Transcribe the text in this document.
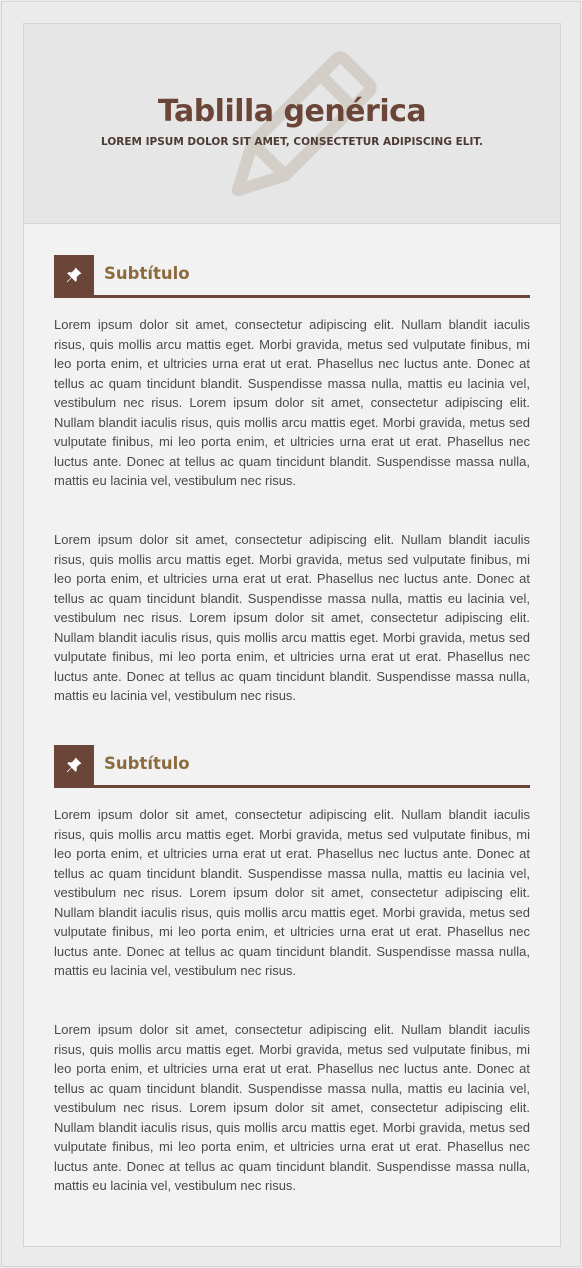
Tablilla genérica
LOREM IPSUM DOLOR SIT AMET, CONSECTETUR ADIPISCING ELIT.
Subtítulo

Lorem ipsum dolor sit amet, consectetur adipiscing elit. Nullam blandit iaculis risus, quis mollis arcu mattis eget. Morbi gravida, metus sed vulputate finibus, mi leo porta enim, et ultricies urna erat ut erat. Phasellus nec luctus ante. Donec at tellus ac quam tincidunt blandit. Suspendisse massa nulla, mattis eu lacinia vel, vestibulum nec risus. Lorem ipsum dolor sit amet, consectetur adipiscing elit. Nullam blandit iaculis risus, quis mollis arcu mattis eget. Morbi gravida, metus sed vulputate finibus, mi leo porta enim, et ultricies urna erat ut erat. Phasellus nec luctus ante. Donec at tellus ac quam tincidunt blandit. Suspendisse massa nulla, mattis eu lacinia vel, vestibulum nec risus.

Lorem ipsum dolor sit amet, consectetur adipiscing elit. Nullam blandit iaculis risus, quis mollis arcu mattis eget. Morbi gravida, metus sed vulputate finibus, mi leo porta enim, et ultricies urna erat ut erat. Phasellus nec luctus ante. Donec at tellus ac quam tincidunt blandit. Suspendisse massa nulla, mattis eu lacinia vel, vestibulum nec risus. Lorem ipsum dolor sit amet, consectetur adipiscing elit. Nullam blandit iaculis risus, quis mollis arcu mattis eget. Morbi gravida, metus sed vulputate finibus, mi leo porta enim, et ultricies urna erat ut erat. Phasellus nec luctus ante. Donec at tellus ac quam tincidunt blandit. Suspendisse massa nulla, mattis eu lacinia vel, vestibulum nec risus.

Subtítulo

Lorem ipsum dolor sit amet, consectetur adipiscing elit. Nullam blandit iaculis risus, quis mollis arcu mattis eget. Morbi gravida, metus sed vulputate finibus, mi leo porta enim, et ultricies urna erat ut erat. Phasellus nec luctus ante. Donec at tellus ac quam tincidunt blandit. Suspendisse massa nulla, mattis eu lacinia vel, vestibulum nec risus. Lorem ipsum dolor sit amet, consectetur adipiscing elit. Nullam blandit iaculis risus, quis mollis arcu mattis eget. Morbi gravida, metus sed vulputate finibus, mi leo porta enim, et ultricies urna erat ut erat. Phasellus nec luctus ante. Donec at tellus ac quam tincidunt blandit. Suspendisse massa nulla, mattis eu lacinia vel, vestibulum nec risus.

Lorem ipsum dolor sit amet, consectetur adipiscing elit. Nullam blandit iaculis risus, quis mollis arcu mattis eget. Morbi gravida, metus sed vulputate finibus, mi leo porta enim, et ultricies urna erat ut erat. Phasellus nec luctus ante. Donec at tellus ac quam tincidunt blandit. Suspendisse massa nulla, mattis eu lacinia vel, vestibulum nec risus. Lorem ipsum dolor sit amet, consectetur adipiscing elit. Nullam blandit iaculis risus, quis mollis arcu mattis eget. Morbi gravida, metus sed vulputate finibus, mi leo porta enim, et ultricies urna erat ut erat. Phasellus nec luctus ante. Donec at tellus ac quam tincidunt blandit. Suspendisse massa nulla, mattis eu lacinia vel, vestibulum nec risus.
